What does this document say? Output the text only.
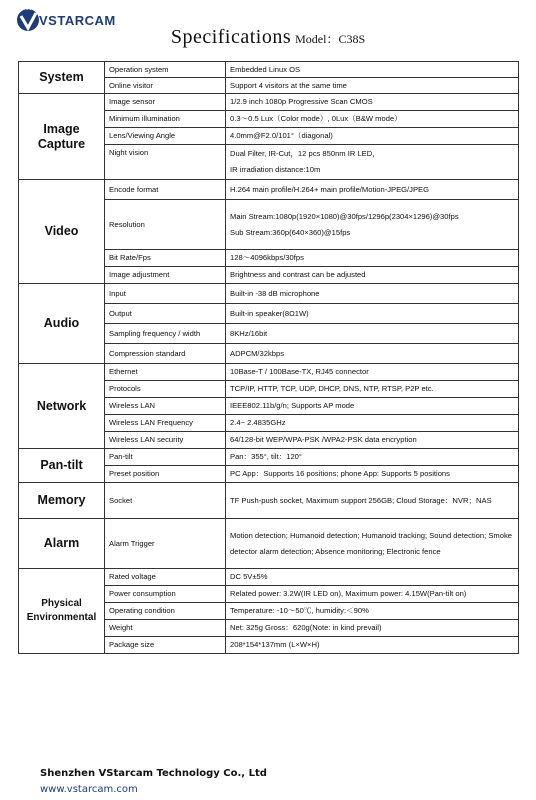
VSTARCAM
Specifications Model：C38S
System	Operation system	Embedded Linux OS
	Online visitor	Support 4 visitors at the same time
Image Capture	Image sensor	1/2.9 inch 1080p Progressive Scan CMOS
	Minimum illumination	0.3～0.5 Lux（Color mode）, 0Lux（B&W mode）
	Lens/Viewing Angle	4.0mm@F2.0/101°（diagonal)
	Night vision	Dual Filter, IR-Cut，12 pcs 850nm IR LED，
IR irradiation distance:10m

Video	Encode format	H.264 main profile/H.264+ main profile/Motion-JPEG/JPEG
	Resolution	Main Stream:1080p(1920×1080)@30fps/1296p(2304×1296)@30fps
Sub Stream:360p(640×360)@15fps

	Bit Rate/Fps	128～4096kbps/30fps
	Image adjustment	Brightness and contrast can be adjusted
Audio	Input	Built-in -38 dB microphone
	Output	Built-in speaker(8Ω1W)
	Sampling frequency / width	8KHz/16bit
	Compression standard	ADPCM/32kbps
Network	Ethernet	10Base-T / 100Base-TX, RJ45 connector
	Protocols	TCP/IP, HTTP, TCP, UDP, DHCP, DNS, NTP, RTSP, P2P etc.
	Wireless LAN	IEEE802.11b/g/n; Supports AP mode
	Wireless LAN Frequency	2.4~ 2.4835GHz
	Wireless LAN security	64/128-bit WEP/WPA-PSK /WPA2-PSK data encryption
Pan-tilt	Pan-tilt	Pan：355°, tilt：120°
	Preset position	PC App：Supports 16 positions; phone App: Supports 5 positions
Memory	Socket	TF Push-push socket, Maximum support 256GB; Cloud Storage：NVR；NAS
Alarm	Alarm Trigger	Motion detection; Humanoid detection; Humanoid tracking; Sound detection; Smoke detector alarm detection; Absence monitoring; Electronic fence
Physical Environmental	Rated voltage	DC 5V±5%
	Power consumption	Related power: 3.2W(IR LED on), Maximum power: 4.15W(Pan-tilt on)
	Operating condition	Temperature: -10～50℃, humidity:＜90%
	Weight	Net: 325g Gross：620g(Note: in kind prevail)
	Package size	208*154*137mm (L×W×H)
Shenzhen VStarcam Technology Co., Ltd
www.vstarcam.com
